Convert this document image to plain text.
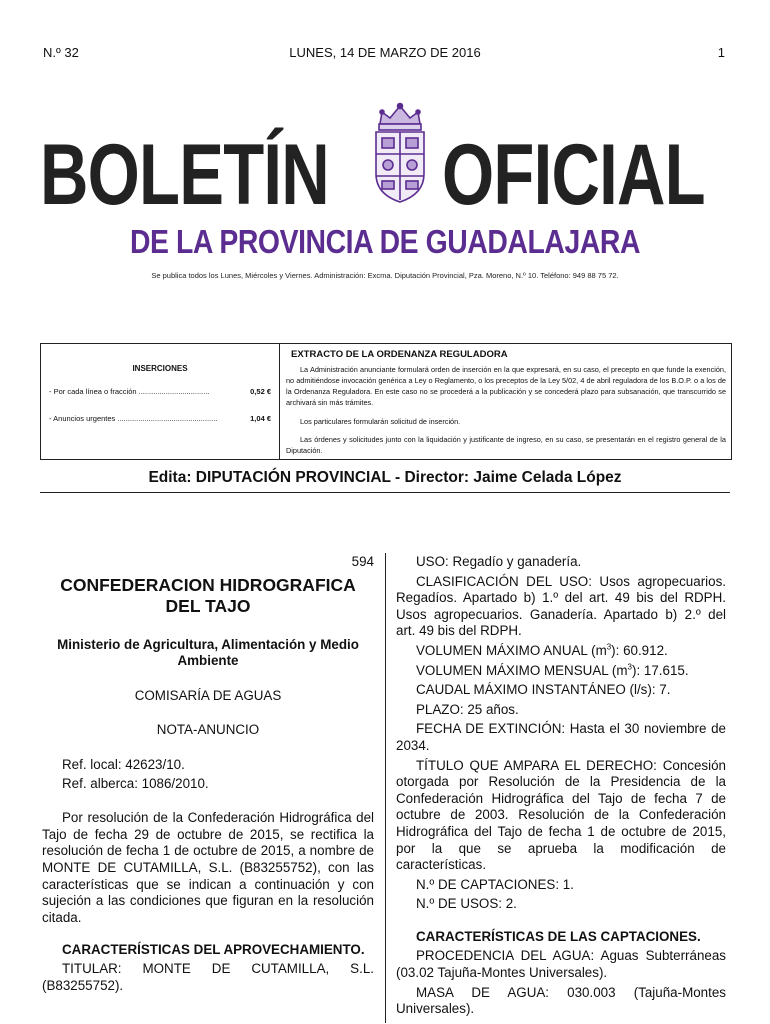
N.º 32	LUNES, 14 DE MARZO DE 2016	1
BOLETÍN OFICIAL
DE LA PROVINCIA DE GUADALAJARA
Se publica todos los Lunes, Miércoles y Viernes. Administración: Excma. Diputación Provincial, Pza. Moreno, N.º 10. Teléfono: 949 88 75 72.
INSERCIONES
- Por cada línea o fracción ..................................	0,52 €
- Anuncios urgentes ................................................	1,04 €
EXTRACTO DE LA ORDENANZA REGULADORA
La Administración anunciante formulará orden de inserción en la que expresará, en su caso, el precepto en que funde la exención, no admitiéndose invocación genérica a Ley o Reglamento, o los preceptos de la Ley 5/02, 4 de abril reguladora de los B.O.P. o a los de la Ordenanza Reguladora. En este caso no se procederá a la publicación y se concederá plazo para subsanación, que transcurrido se archivará sin más trámites.
Los particulares formularán solicitud de inserción.
Las órdenes y solicitudes junto con la liquidación y justificante de ingreso, en su caso, se presentarán en el registro general de la Diputación.
Edita: DIPUTACIÓN PROVINCIAL - Director: Jaime Celada López

594

CONFEDERACION HIDROGRAFICA DEL TAJO

Ministerio de Agricultura, Alimentación y Medio Ambiente

COMISARÍA DE AGUAS

NOTA-ANUNCIO

Ref. local: 42623/10.

Ref. alberca: 1086/2010.

Por resolución de la Confederación Hidrográfica del Tajo de fecha 29 de octubre de 2015, se rectifica la resolución de fecha 1 de octubre de 2015, a nombre de MONTE DE CUTAMILLA, S.L. (B83255752), con las características que se indican a continuación y con sujeción a las condiciones que figuran en la resolución citada.

CARACTERÍSTICAS DEL APROVECHAMIENTO.

TITULAR: MONTE DE CUTAMILLA, S.L. (B83255752).

USO: Regadío y ganadería.

CLASIFICACIÓN DEL USO: Usos agropecuarios. Regadíos. Apartado b) 1.º del art. 49 bis del RDPH. Usos agropecuarios. Ganadería. Apartado b) 2.º del art. 49 bis del RDPH.

VOLUMEN MÁXIMO ANUAL $(m^3)$: 60.912.

VOLUMEN MÁXIMO MENSUAL $(m^3)$: 17.615.

CAUDAL MÁXIMO INSTANTÁNEO (l/s): 7.

PLAZO: 25 años.

FECHA DE EXTINCIÓN: Hasta el 30 noviembre de 2034.

TÍTULO QUE AMPARA EL DERECHO: Concesión otorgada por Resolución de la Presidencia de la Confederación Hidrográfica del Tajo de fecha 7 de octubre de 2003. Resolución de la Confederación Hidrográfica del Tajo de fecha 1 de octubre de 2015, por la que se aprueba la modificación de características.

N.º DE CAPTACIONES: 1.

N.º DE USOS: 2.

CARACTERÍSTICAS DE LAS CAPTACIONES.

PROCEDENCIA DEL AGUA: Aguas Subterráneas (03.02 Tajuña-Montes Universales).

MASA DE AGUA: 030.003 (Tajuña-Montes Universales).
